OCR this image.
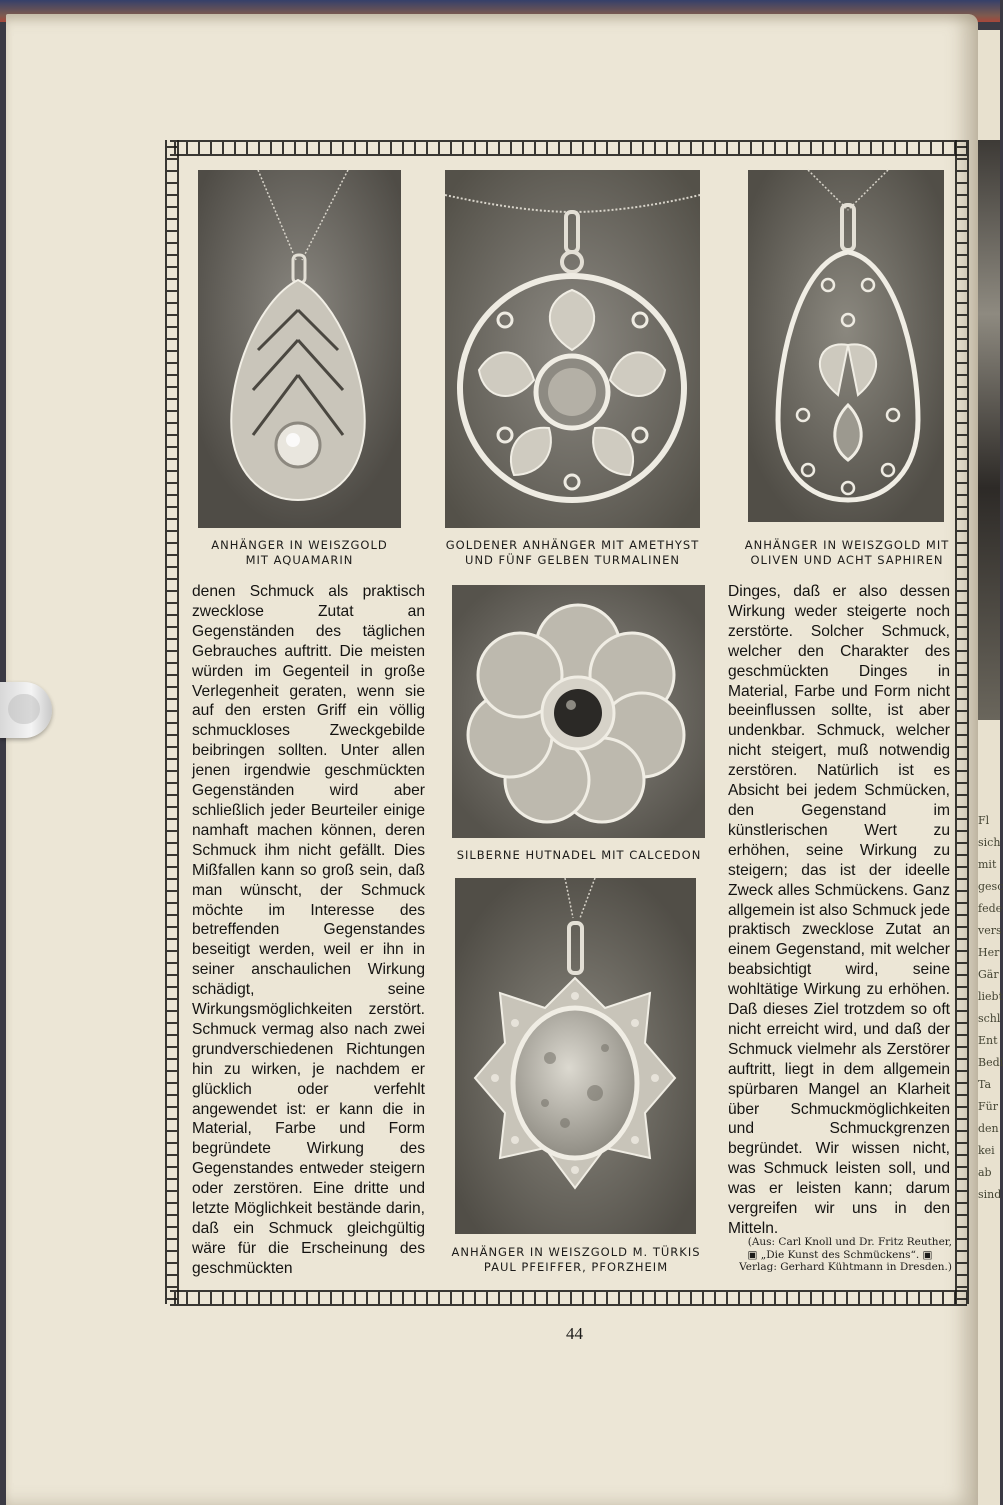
Fl
sich
mit
gesc
fede
vers
Her
Gär
liebt
schl
Ent
Bedi
Ta
Für
den
kei
ab
sind
ANHÄNGER IN WEISZGOLD
MIT AQUAMARIN
GOLDENER ANHÄNGER MIT AMETHYST
UND FÜNF GELBEN TURMALINEN
ANHÄNGER IN WEISZGOLD MIT
OLIVEN UND ACHT SAPHIREN
SILBERNE HUTNADEL MIT CALCEDON
ANHÄNGER IN WEISZGOLD M. TÜRKIS
PAUL PFEIFFER, PFORZHEIM

denen Schmuck als praktisch zwecklose Zutat an Gegenständen des täglichen Gebrauches auftritt. Die meisten würden im Gegenteil in große Verlegenheit geraten, wenn sie auf den ersten Griff ein völlig schmuckloses Zweckgebilde beibringen sollten. Unter allen jenen irgendwie geschmückten Gegenständen wird aber schließlich jeder Beurteiler einige namhaft machen können, deren Schmuck ihm nicht gefällt. Dies Mißfallen kann so groß sein, daß man wünscht, der Schmuck möchte im Interesse des betreffenden Gegenstandes beseitigt werden, weil er ihn in seiner anschaulichen Wirkung schädigt, seine Wirkungsmöglichkeiten zerstört. Schmuck vermag also nach zwei grundverschiedenen Richtungen hin zu wirken, je nachdem er glücklich oder verfehlt angewendet ist: er kann die in Material, Farbe und Form begründete Wirkung des Gegenstandes entweder steigern oder zerstören. Eine dritte und letzte Möglichkeit bestände darin, daß ein Schmuck gleichgültig wäre für die Erscheinung des geschmückten

Dinges, daß er also dessen Wirkung weder steigerte noch zerstörte. Solcher Schmuck, welcher den Charakter des geschmückten Dinges in Material, Farbe und Form nicht beeinflussen sollte, ist aber undenkbar. Schmuck, welcher nicht steigert, muß notwendig zerstören. Natürlich ist es Absicht bei jedem Schmücken, den Gegenstand im künstlerischen Wert zu erhöhen, seine Wirkung zu steigern; das ist der ideelle Zweck alles Schmückens. Ganz allgemein ist also Schmuck jede praktisch zwecklose Zutat an einem Gegenstand, mit welcher beabsichtigt wird, seine wohltätige Wirkung zu erhöhen. Daß dieses Ziel trotzdem so oft nicht erreicht wird, und daß der Schmuck vielmehr als Zerstörer auftritt, liegt in dem allgemein spürbaren Mangel an Klarheit über Schmuckmöglichkeiten und Schmuckgrenzen begründet. Wir wissen nicht, was Schmuck leisten soll, und was er leisten kann; darum vergreifen wir uns in den Mitteln.

(Aus: Carl Knoll und Dr. Fritz Reuther,
▣ „Die Kunst des Schmückens“. ▣
Verlag: Gerhard Kühtmann in Dresden.)
44
